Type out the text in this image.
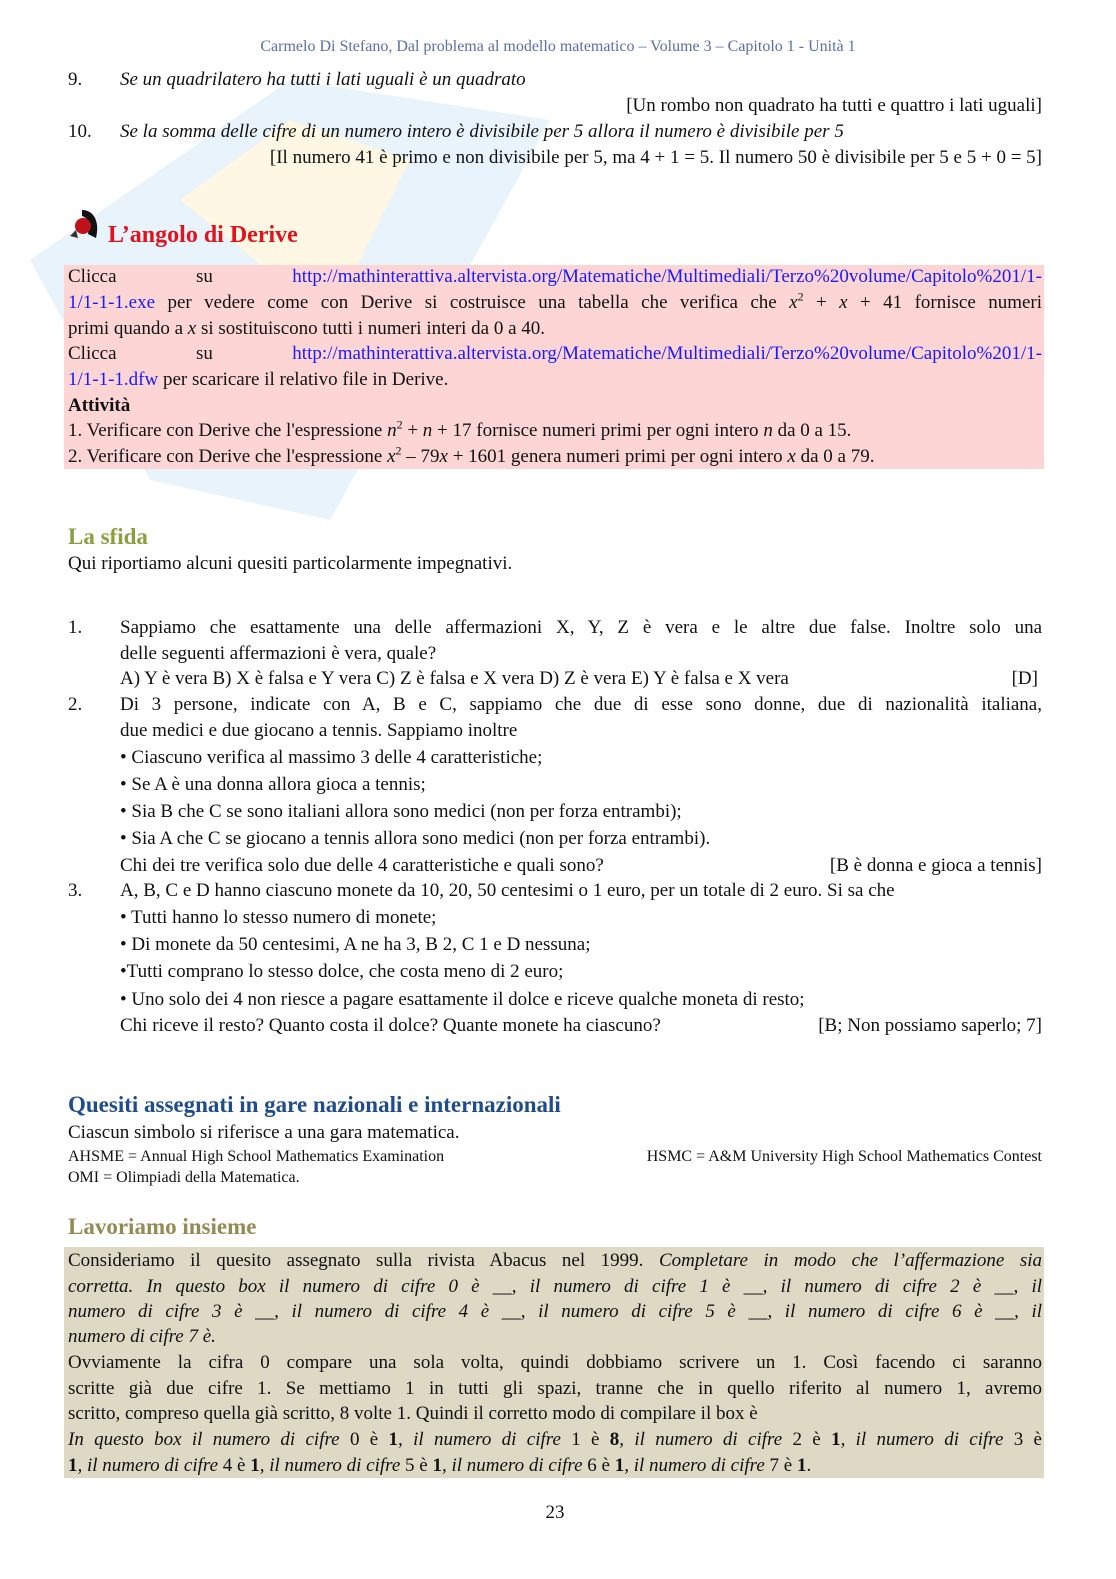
Carmelo Di Stefano, Dal problema al modello matematico – Volume 3 – Capitolo 1 - Unità 1
9. Se un quadrilatero ha tutti i lati uguali è un quadrato
[Un rombo non quadrato ha tutti e quattro i lati uguali]
10. Se la somma delle cifre di un numero intero è divisibile per 5 allora il numero è divisibile per 5
[Il numero 41 è primo e non divisibile per 5, ma 4 + 1 = 5. Il numero 50 è divisibile per 5 e 5 + 0 = 5]
L’angolo di Derive
Clicca su http://mathinterattiva.altervista.org/Matematiche/Multimediali/Terzo%20volume/Capitolo%201/1-
1/1-1-1.exe per vedere come con Derive si costruisce una tabella che verifica che $x^2 + x + 41$ fornisce numeri
primi quando a x si sostituiscono tutti i numeri interi da 0 a 40.
Clicca su http://mathinterattiva.altervista.org/Matematiche/Multimediali/Terzo%20volume/Capitolo%201/1-
1/1-1-1.dfw per scaricare il relativo file in Derive.
Attività
1. Verificare con Derive che l'espressione $n^2 + n + 17$ fornisce numeri primi per ogni intero n da 0 a 15.
2. Verificare con Derive che l'espressione $x^2 - 79x + 1601$ genera numeri primi per ogni intero x da 0 a 79.
La sfida
Qui riportiamo alcuni quesiti particolarmente impegnativi.
1. Sappiamo che esattamente una delle affermazioni X, Y, Z è vera e le altre due false. Inoltre solo una
delle seguenti affermazioni è vera, quale?
A) Y è vera B) X è falsa e Y vera C) Z è falsa e X vera D) Z è vera E) Y è falsa e X vera	[D]
2. Di 3 persone, indicate con A, B e C, sappiamo che due di esse sono donne, due di nazionalità italiana,
due medici e due giocano a tennis. Sappiamo inoltre
• Ciascuno verifica al massimo 3 delle 4 caratteristiche;
• Se A è una donna allora gioca a tennis;
• Sia B che C se sono italiani allora sono medici (non per forza entrambi);
• Sia A che C se giocano a tennis allora sono medici (non per forza entrambi).
Chi dei tre verifica solo due delle 4 caratteristiche e quali sono?	[B è donna e gioca a tennis]
3. A, B, C e D hanno ciascuno monete da 10, 20, 50 centesimi o 1 euro, per un totale di 2 euro. Si sa che
• Tutti hanno lo stesso numero di monete;
• Di monete da 50 centesimi, A ne ha 3, B 2, C 1 e D nessuna;
•Tutti comprano lo stesso dolce, che costa meno di 2 euro;
• Uno solo dei 4 non riesce a pagare esattamente il dolce e riceve qualche moneta di resto;
Chi riceve il resto? Quanto costa il dolce? Quante monete ha ciascuno?	[B; Non possiamo saperlo; 7]
Quesiti assegnati in gare nazionali e internazionali
Ciascun simbolo si riferisce a una gara matematica.
AHSME = Annual High School Mathematics Examination	HSMC = A&M University High School Mathematics Contest
OMI = Olimpiadi della Matematica.
Lavoriamo insieme
Consideriamo il quesito assegnato sulla rivista Abacus nel 1999. Completare in modo che l’affermazione sia
corretta. In questo box il numero di cifre 0 è __, il numero di cifre 1 è __, il numero di cifre 2 è __, il
numero di cifre 3 è __, il numero di cifre 4 è __, il numero di cifre 5 è __, il numero di cifre 6 è __, il
numero di cifre 7 è.
Ovviamente la cifra 0 compare una sola volta, quindi dobbiamo scrivere un 1. Così facendo ci saranno
scritte già due cifre 1. Se mettiamo 1 in tutti gli spazi, tranne che in quello riferito al numero 1, avremo
scritto, compreso quella già scritto, 8 volte 1. Quindi il corretto modo di compilare il box è
In questo box il numero di cifre 0 è 1, il numero di cifre 1 è 8, il numero di cifre 2 è 1, il numero di cifre 3 è
1, il numero di cifre 4 è 1, il numero di cifre 5 è 1, il numero di cifre 6 è 1, il numero di cifre 7 è 1.
23
